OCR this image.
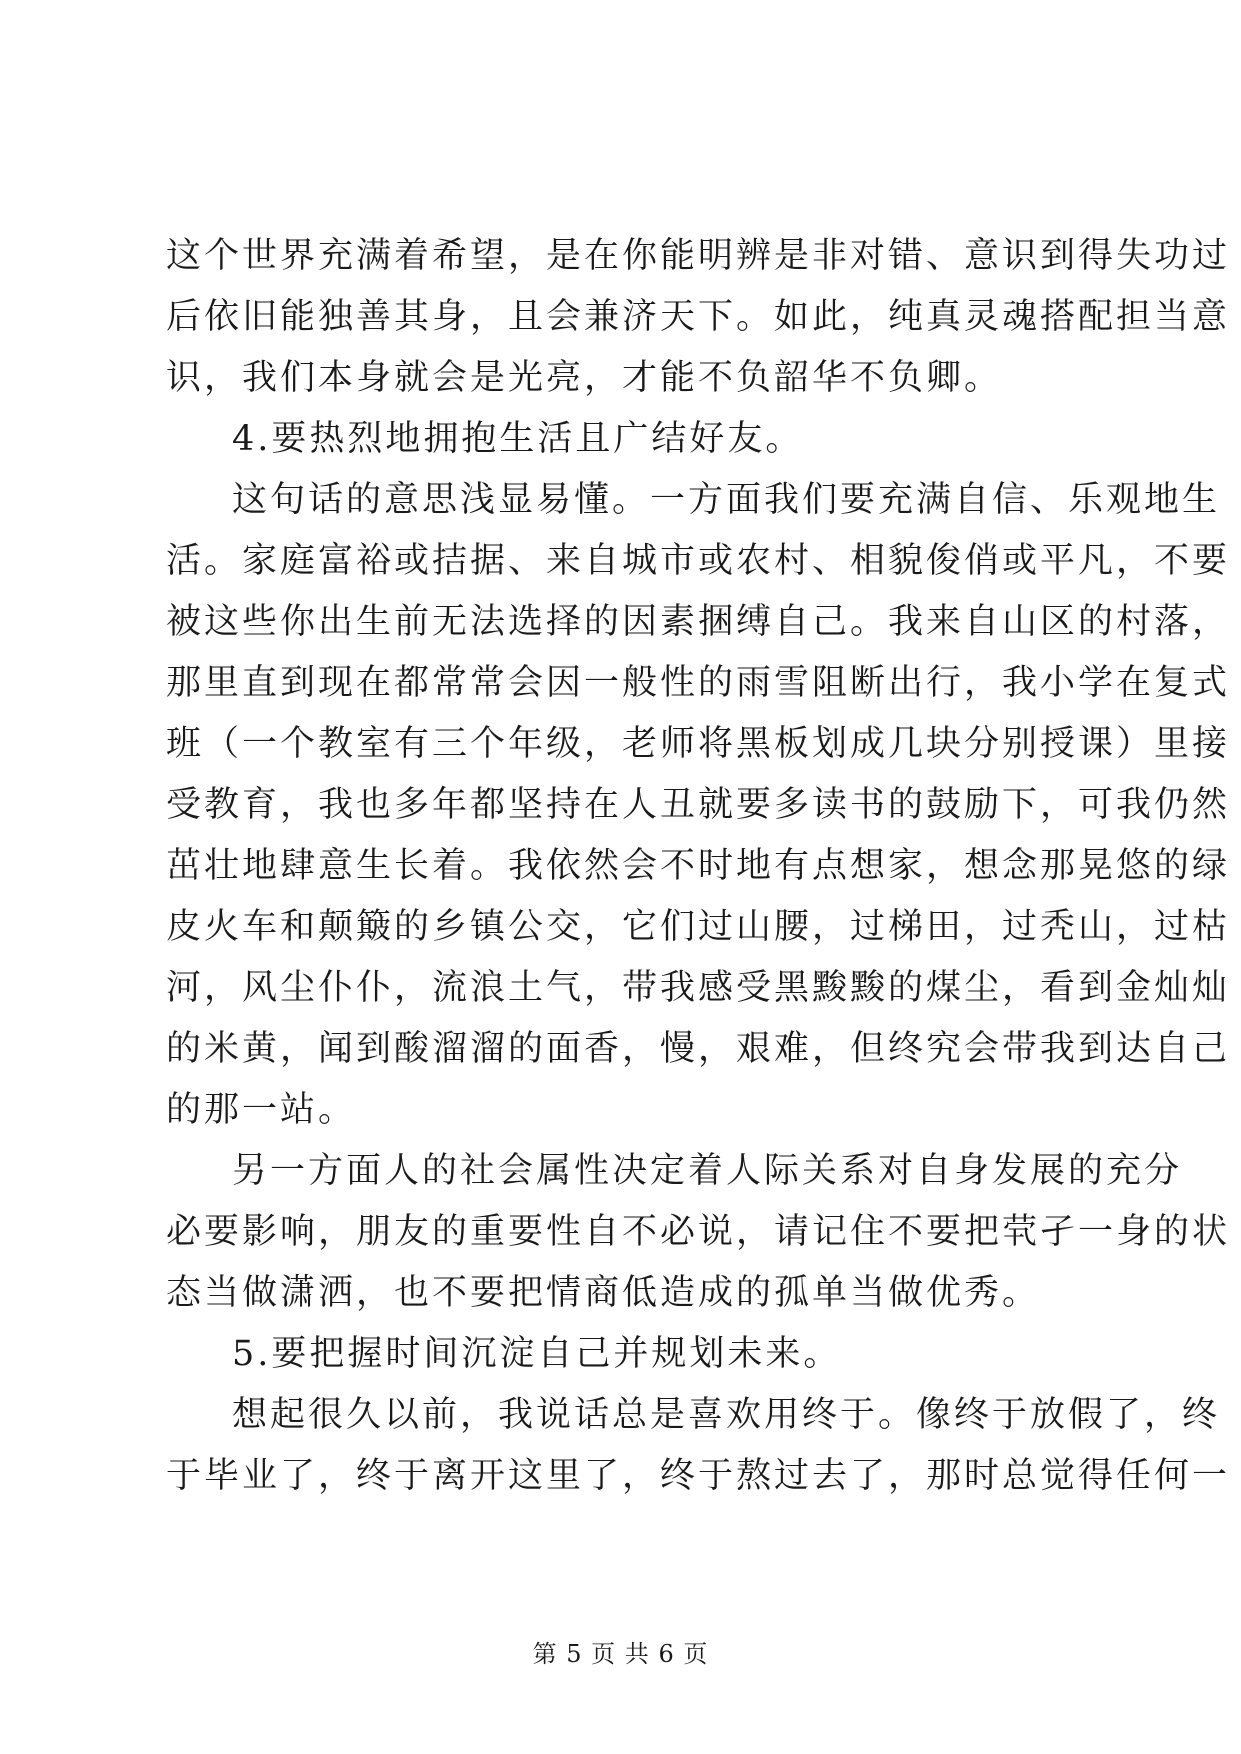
这个世界充满着希望，是在你能明辨是非对错、意识到得失功过
后依旧能独善其身，且会兼济天下。如此，纯真灵魂搭配担当意
识，我们本身就会是光亮，才能不负韶华不负卿。
4.要热烈地拥抱生活且广结好友。
这句话的意思浅显易懂。一方面我们要充满自信、乐观地生
活。家庭富裕或拮据、来自城市或农村、相貌俊俏或平凡，不要
被这些你出生前无法选择的因素捆缚自己。我来自山区的村落，
那里直到现在都常常会因一般性的雨雪阻断出行，我小学在复式
班（一个教室有三个年级，老师将黑板划成几块分别授课）里接
受教育，我也多年都坚持在人丑就要多读书的鼓励下，可我仍然
茁壮地肆意生长着。我依然会不时地有点想家，想念那晃悠的绿
皮火车和颠簸的乡镇公交，它们过山腰，过梯田，过秃山，过枯
河，风尘仆仆，流浪土气，带我感受黑黢黢的煤尘，看到金灿灿
的米黄，闻到酸溜溜的面香，慢，艰难，但终究会带我到达自己
的那一站。
另一方面人的社会属性决定着人际关系对自身发展的充分
必要影响，朋友的重要性自不必说，请记住不要把茕孑一身的状
态当做潇洒，也不要把情商低造成的孤单当做优秀。
5.要把握时间沉淀自己并规划未来。
想起很久以前，我说话总是喜欢用终于。像终于放假了，终
于毕业了，终于离开这里了，终于熬过去了，那时总觉得任何一
第 5 页 共 6 页
